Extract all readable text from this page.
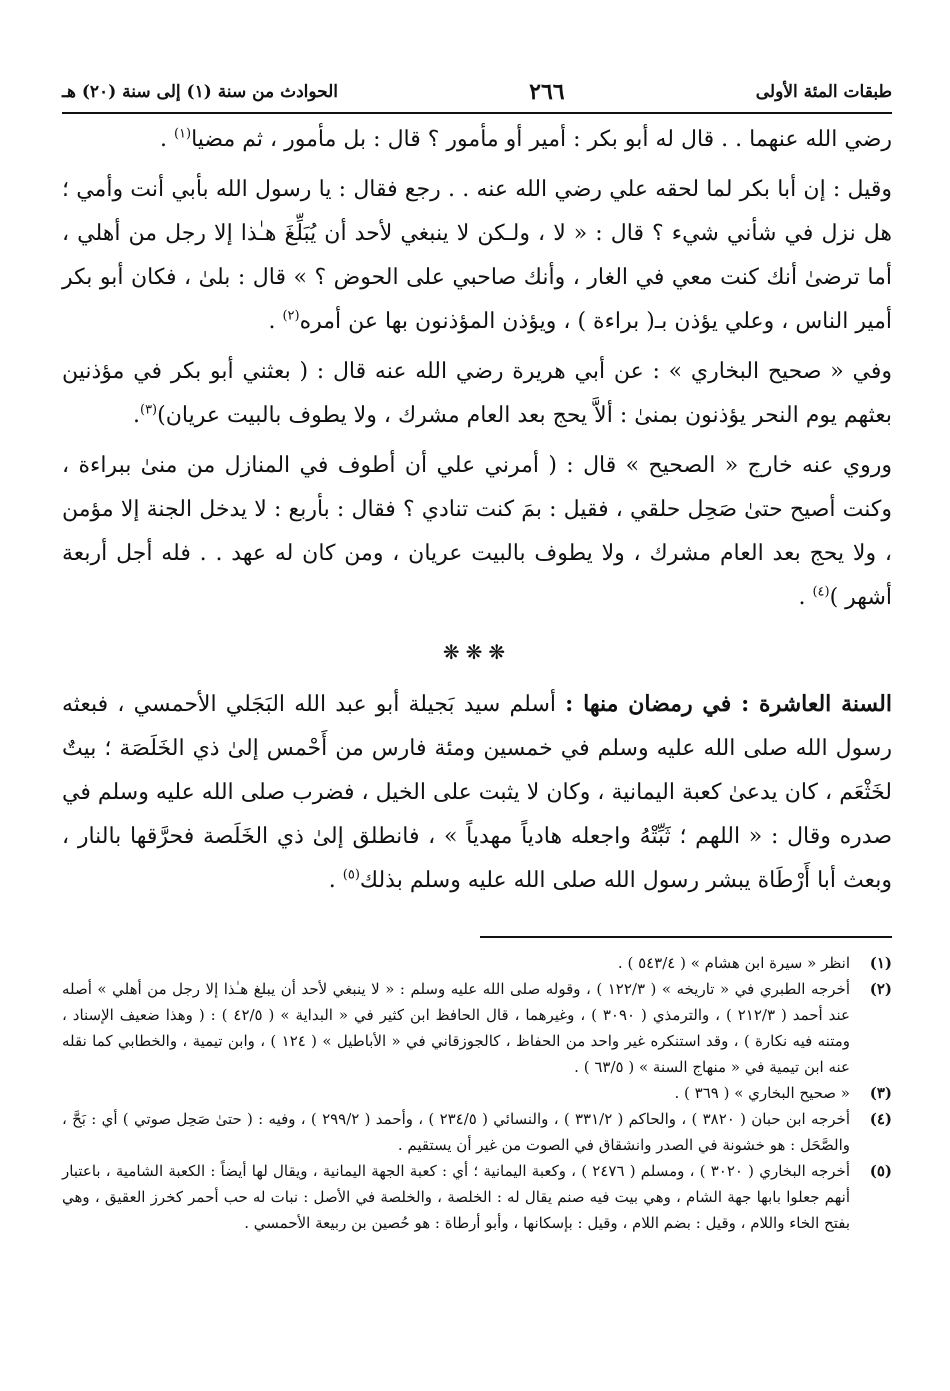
طبقات المئة الأولى
٢٦٦
الحوادث من سنة (١) إلى سنة (٢٠) هـ

رضي الله عنهما . . قال له أبو بكر : أمير أو مأمور ؟ قال : بل مأمور ، ثم مضيا$^{(١)}$ .

وقيل : إن أبا بكر لما لحقه علي رضي الله عنه . . رجع فقال : يا رسول الله بأبي أنت وأمي ؛ هل نزل في شأني شيء ؟ قال : « لا ، ولـكن لا ينبغي لأحد أن يُبَلِّغَ هـٰذا إلا رجل من أهلي ، أما ترضىٰ أنك كنت معي في الغار ، وأنك صاحبي على الحوض ؟ » قال : بلىٰ ، فكان أبو بكر أمير الناس ، وعلي يؤذن بـ( براءة ) ، ويؤذن المؤذنون بها عن أمره$^{(٢)}$ .

وفي « صحيح البخاري » : عن أبي هريرة رضي الله عنه قال : ( بعثني أبو بكر في مؤذنين بعثهم يوم النحر يؤذنون بمنىٰ : ألاَّ يحج بعد العام مشرك ، ولا يطوف بالبيت عريان)$^{(٣)}$.

وروي عنه خارج « الصحيح » قال : ( أمرني علي أن أطوف في المنازل من منىٰ ببراءة ، وكنت أصيح حتىٰ صَحِل حلقي ، فقيل : بمَ كنت تنادي ؟ فقال : بأربع : لا يدخل الجنة إلا مؤمن ، ولا يحج بعد العام مشرك ، ولا يطوف بالبيت عريان ، ومن كان له عهد . . فله أجل أربعة أشهر )$^{(٤)}$ .

❋❋❋

السنة العاشرة : في رمضان منها : أسلم سيد بَجيلة أبو عبد الله البَجَلي الأحمسي ، فبعثه رسول الله صلى الله عليه وسلم في خمسين ومئة فارس من أَحْمس إلىٰ ذي الخَلَصَة ؛ بيتٌ لخَثْعَم ، كان يدعىٰ كعبة اليمانية ، وكان لا يثبت على الخيل ، فضرب صلى الله عليه وسلم في صدره وقال : « اللهم ؛ ثَبِّتْهُ واجعله هادياً مهدياً » ، فانطلق إلىٰ ذي الخَلَصة فحرَّقها بالنار ، وبعث أبا أَرْطَاة يبشر رسول الله صلى الله عليه وسلم بذلك$^{(٥)}$ .

(١)
انظر « سيرة ابن هشام » ( ٥٤٣/٤ ) .
(٢)
أخرجه الطبري في « تاريخه » ( ١٢٢/٣ ) ، وقوله صلى الله عليه وسلم : « لا ينبغي لأحد أن يبلغ هـٰذا إلا رجل من أهلي » أصله عند أحمد ( ٢١٢/٣ ) ، والترمذي ( ٣٠٩٠ ) ، وغيرهما ، قال الحافظ ابن كثير في « البداية » ( ٤٢/٥ ) : ( وهذا ضعيف الإسناد ، ومتنه فيه نكارة ) ، وقد استنكره غير واحد من الحفاظ ، كالجوزقاني في « الأباطيل » ( ١٢٤ ) ، وابن تيمية ، والخطابي كما نقله عنه ابن تيمية في « منهاج السنة » ( ٦٣/٥ ) .
(٣)
« صحيح البخاري » ( ٣٦٩ ) .
(٤)
أخرجه ابن حبان ( ٣٨٢٠ ) ، والحاكم ( ٣٣١/٢ ) ، والنسائي ( ٢٣٤/٥ ) ، وأحمد ( ٢٩٩/٢ ) ، وفيه : ( حتىٰ صَحِل صوتي ) أي : بَحَّ ، والصَّحَل : هو خشونة في الصدر وانشقاق في الصوت من غير أن يستقيم .
(٥)
أخرجه البخاري ( ٣٠٢٠ ) ، ومسلم ( ٢٤٧٦ ) ، وكعبة اليمانية ؛ أي : كعبة الجهة اليمانية ، ويقال لها أيضاً : الكعبة الشامية ، باعتبار أنهم جعلوا بابها جهة الشام ، وهي بيت فيه صنم يقال له : الخلصة ، والخلصة في الأصل : نبات له حب أحمر كخرز العقيق ، وهي بفتح الخاء واللام ، وقيل : بضم اللام ، وقيل : بإسكانها ، وأبو أرطاة : هو حُصين بن ربيعة الأحمسي .
